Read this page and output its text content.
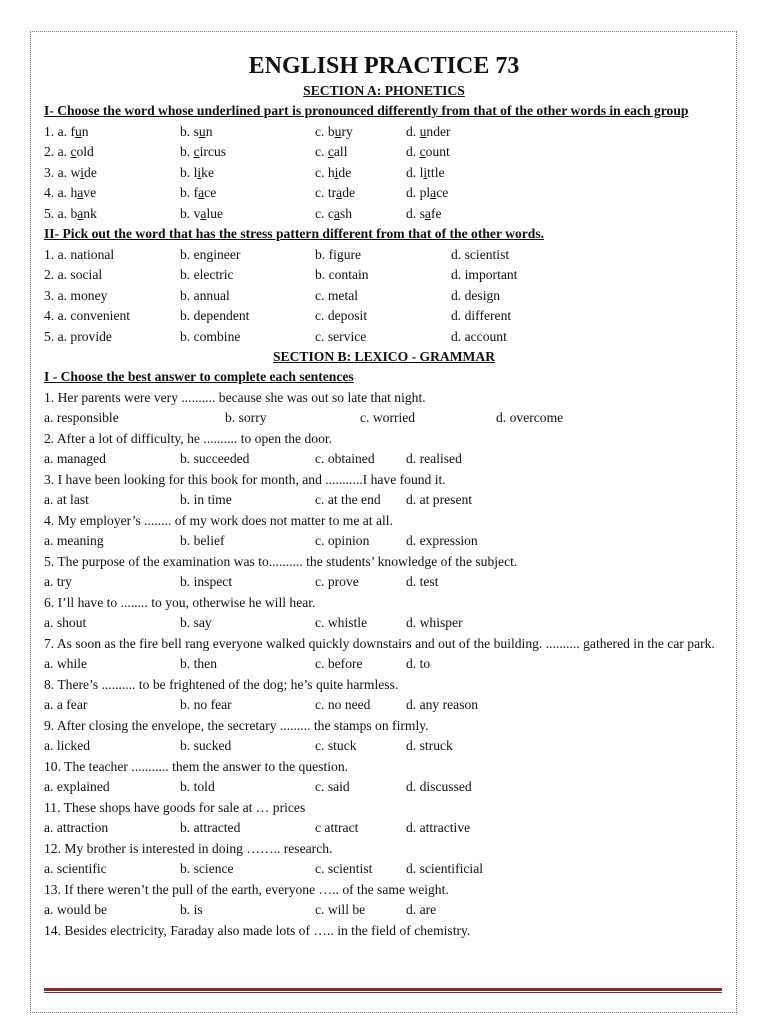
ENGLISH PRACTICE 73
SECTION A: PHONETICS
I- Choose the word whose underlined part is pronounced differently from that of the other words in each group
1. a. fun	b. sun	c. bury	d. under
2. a. cold	b. circus	c. call	d. count
3. a. wide	b. like	c. hide	d. little
4. a. have	b. face	c. trade	d. place
5. a. bank	b. value	c. cash	d. safe
II- Pick out the word that has the stress pattern different from that of the other words.
1. a. national	b. engineer	b. figure	d. scientist
2. a. social	b. electric	b. contain	d. important
3. a. money	b. annual	c. metal	d. design
4. a. convenient	b. dependent	c. deposit	d. different
5. a. provide	b. combine	c. service	d. account
SECTION B: LEXICO - GRAMMAR
I - Choose the best answer to complete each sentences
1. Her parents were very .......... because she was out so late that night.
a. responsible	b. sorry	c. worried	d. overcome
2. After a lot of difficulty, he .......... to open the door.
a. managed	b. succeeded	c. obtained d. realised
3. I have been looking for this book for month, and ...........I have found it.
a. at last	b. in time	c. at the end d. at present
4. My employer’s ........ of my work does not matter to me at all.
a. meaning	b. belief	c. opinion	d. expression
5. The purpose of the examination was to.......... the students’ knowledge of the subject.
a. try	b. inspect	c. prove	d. test
6. I’ll have to ........ to you, otherwise he will hear.
a. shout	b. say	c. whistle	d. whisper
7. As soon as the fire bell rang everyone walked quickly downstairs and out of the building. .......... gathered in the car park.
a. while	b. then	c. before	d. to
8. There’s .......... to be frightened of the dog; he’s quite harmless.
a. a fear	b. no fear	c. no need	d. any reason
9. After closing the envelope, the secretary ......... the stamps on firmly.
a. licked	b. sucked	c. stuck	d. struck
10. The teacher ........... them the answer to the question.
a. explained	b. told	c. said	d. discussed
11. These shops have goods for sale at … prices
a. attraction	b. attracted	c attract	d. attractive
12. My brother is interested in doing …….. research.
a. scientific	b. science	c. scientist d. scientificial
13. If there weren’t the pull of the earth, everyone ….. of the same weight.
a. would be	b. is	c. will be	d. are
14. Besides electricity, Faraday also made lots of ….. in the field of chemistry.
